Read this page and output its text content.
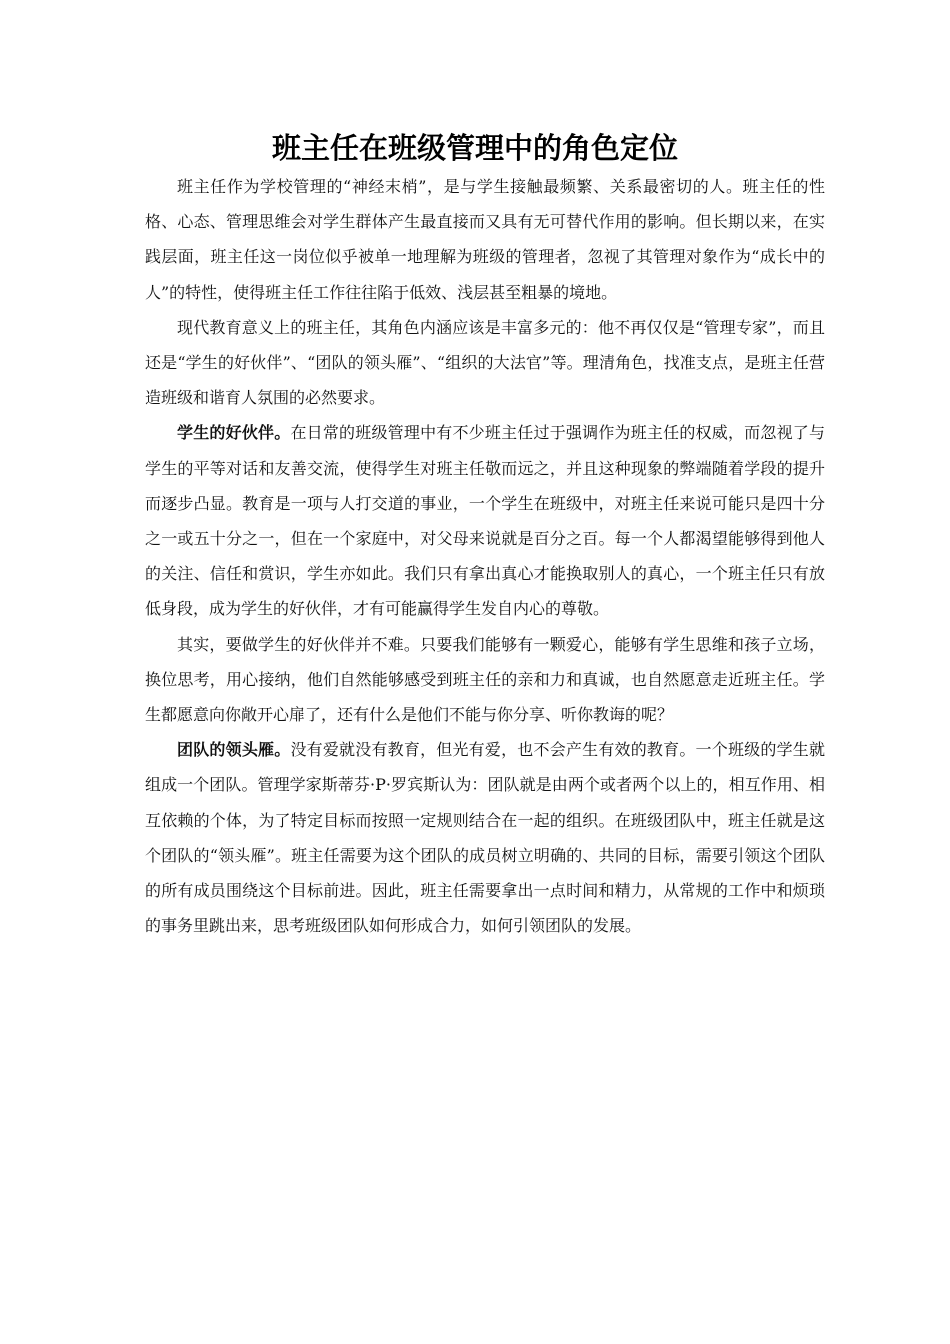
班主任在班级管理中的角色定位

班主任作为学校管理的“神经末梢”，是与学生接触最频繁、关系最密切的人。班主任的性格、心态、管理思维会对学生群体产生最直接而又具有无可替代作用的影响。但长期以来，在实践层面，班主任这一岗位似乎被单一地理解为班级的管理者，忽视了其管理对象作为“成长中的人”的特性，使得班主任工作往往陷于低效、浅层甚至粗暴的境地。

现代教育意义上的班主任，其角色内涵应该是丰富多元的：他不再仅仅是“管理专家”，而且还是“学生的好伙伴”、“团队的领头雁”、“组织的大法官”等。理清角色，找准支点，是班主任营造班级和谐育人氛围的必然要求。

学生的好伙伴。在日常的班级管理中有不少班主任过于强调作为班主任的权威，而忽视了与学生的平等对话和友善交流，使得学生对班主任敬而远之，并且这种现象的弊端随着学段的提升而逐步凸显。教育是一项与人打交道的事业，一个学生在班级中，对班主任来说可能只是四十分之一或五十分之一，但在一个家庭中，对父母来说就是百分之百。每一个人都渴望能够得到他人的关注、信任和赏识，学生亦如此。我们只有拿出真心才能换取别人的真心，一个班主任只有放低身段，成为学生的好伙伴，才有可能赢得学生发自内心的尊敬。

其实，要做学生的好伙伴并不难。只要我们能够有一颗爱心，能够有学生思维和孩子立场，换位思考，用心接纳，他们自然能够感受到班主任的亲和力和真诚，也自然愿意走近班主任。学生都愿意向你敞开心扉了，还有什么是他们不能与你分享、听你教诲的呢？

团队的领头雁。没有爱就没有教育，但光有爱，也不会产生有效的教育。一个班级的学生就组成一个团队。管理学家斯蒂芬·P·罗宾斯认为：团队就是由两个或者两个以上的，相互作用、相互依赖的个体，为了特定目标而按照一定规则结合在一起的组织。在班级团队中，班主任就是这个团队的“领头雁”。班主任需要为这个团队的成员树立明确的、共同的目标，需要引领这个团队的所有成员围绕这个目标前进。因此，班主任需要拿出一点时间和精力，从常规的工作中和烦琐的事务里跳出来，思考班级团队如何形成合力，如何引领团队的发展。
